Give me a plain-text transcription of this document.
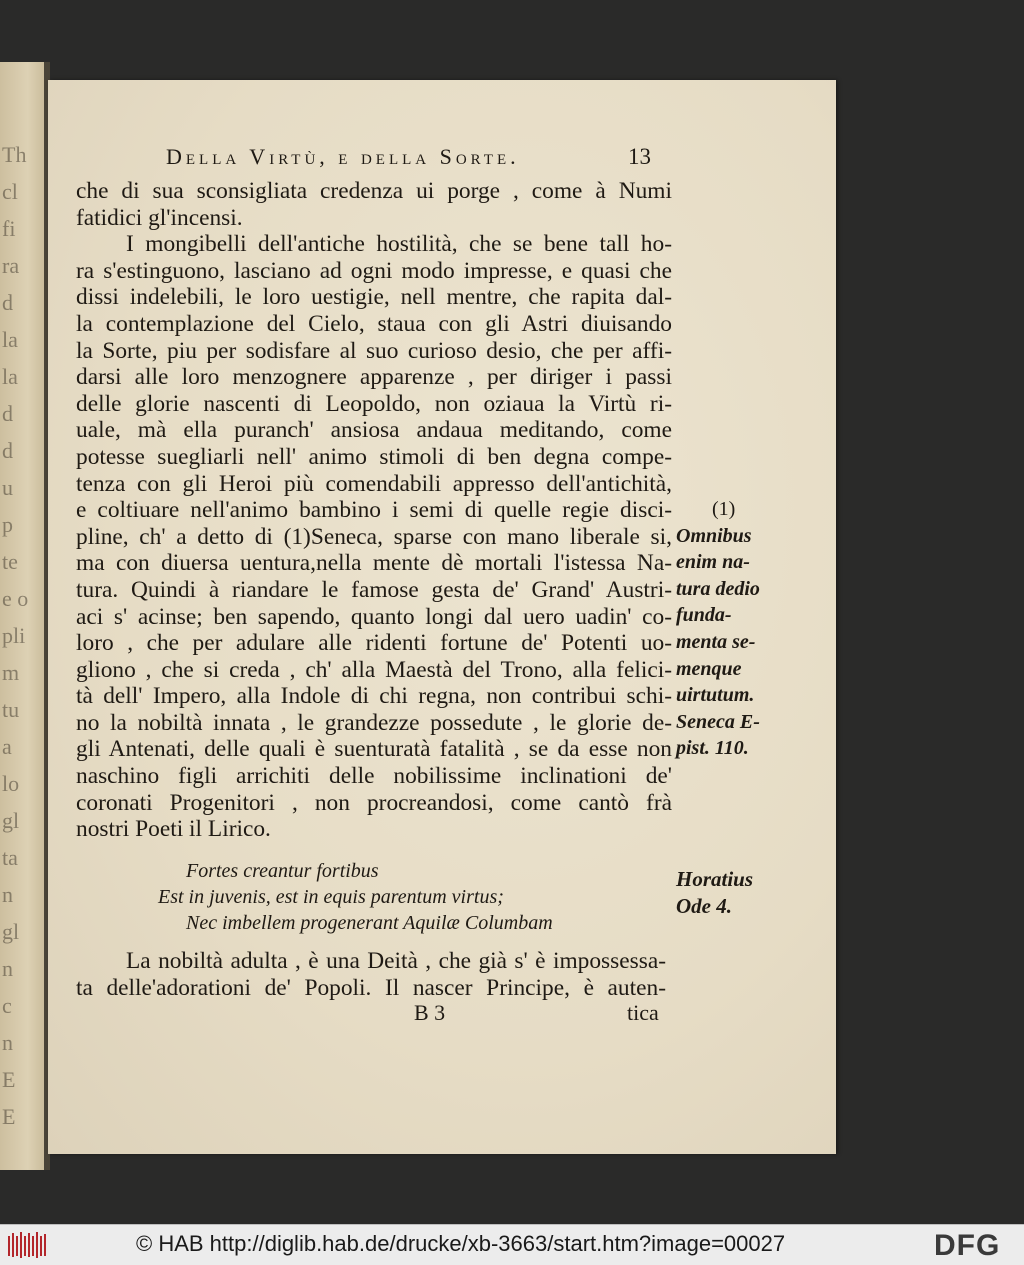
Th
cl
fi
ra
d
la
la
d
d
u
p
te
e o
pli
m
tu
a
lo
gl
ta
n
gl
n
c
n
E
E
Della Virtù, e della Sorte.	13
che di sua sconsigliata credenza ui porge , come à Numi
fatidici gl'incensi.
I mongibelli dell'antiche hostilità, che se bene tall ho-
ra s'estinguono, lasciano ad ogni modo impresse, e quasi che
dissi indelebili, le loro uestigie, nell mentre, che rapita dal-
la contemplazione del Cielo, staua con gli Astri diuisando
la Sorte, piu per sodisfare al suo curioso desio, che per affi-
darsi alle loro menzognere apparenze , per diriger i passi
delle glorie nascenti di Leopoldo, non oziaua la Virtù ri-
uale, mà ella puranch' ansiosa andaua meditando, come
potesse suegliarli nell' animo stimoli di ben degna compe-
tenza con gli Heroi più comendabili appresso dell'antichità,
e coltiuare nell'animo bambino i semi di quelle regie disci-
pline, ch' a detto di (1)Seneca, sparse con mano liberale si,
ma con diuersa uentura,nella mente dè mortali l'istessa Na-
tura. Quindi à riandare le famose gesta de' Grand' Austri-
aci s' acinse; ben sapendo, quanto longi dal uero uadin' co-
loro , che per adulare alle ridenti fortune de' Potenti uo-
gliono , che si creda , ch' alla Maestà del Trono, alla felici-
tà dell' Impero, alla Indole di chi regna, non contribui schi-
no la nobiltà innata , le grandezze possedute , le glorie de-
gli Antenati, delle quali è suenturatà fatalità , se da esse non
naschino figli arrichiti delle nobilissime inclinationi de'
coronati Progenitori , non procreandosi, come cantò frà
nostri Poeti il Lirico.
Fortes creantur fortibus
Est in juvenis, est in equis parentum virtus;
Nec imbellem progenerant Aquilæ Columbam
La nobiltà adulta , è una Deità , che già s' è impossessa-
ta delle'adorationi de' Popoli. Il nascer Principe, è auten-
B 3	tica
(1)
Omnibus
enim na-
tura dedio
funda-
menta se-
menque
uirtutum.
Seneca E-
pist. 110.
Horatius
Ode 4.
© HAB http://diglib.hab.de/drucke/xb-3663/start.htm?image=00027	DFG
